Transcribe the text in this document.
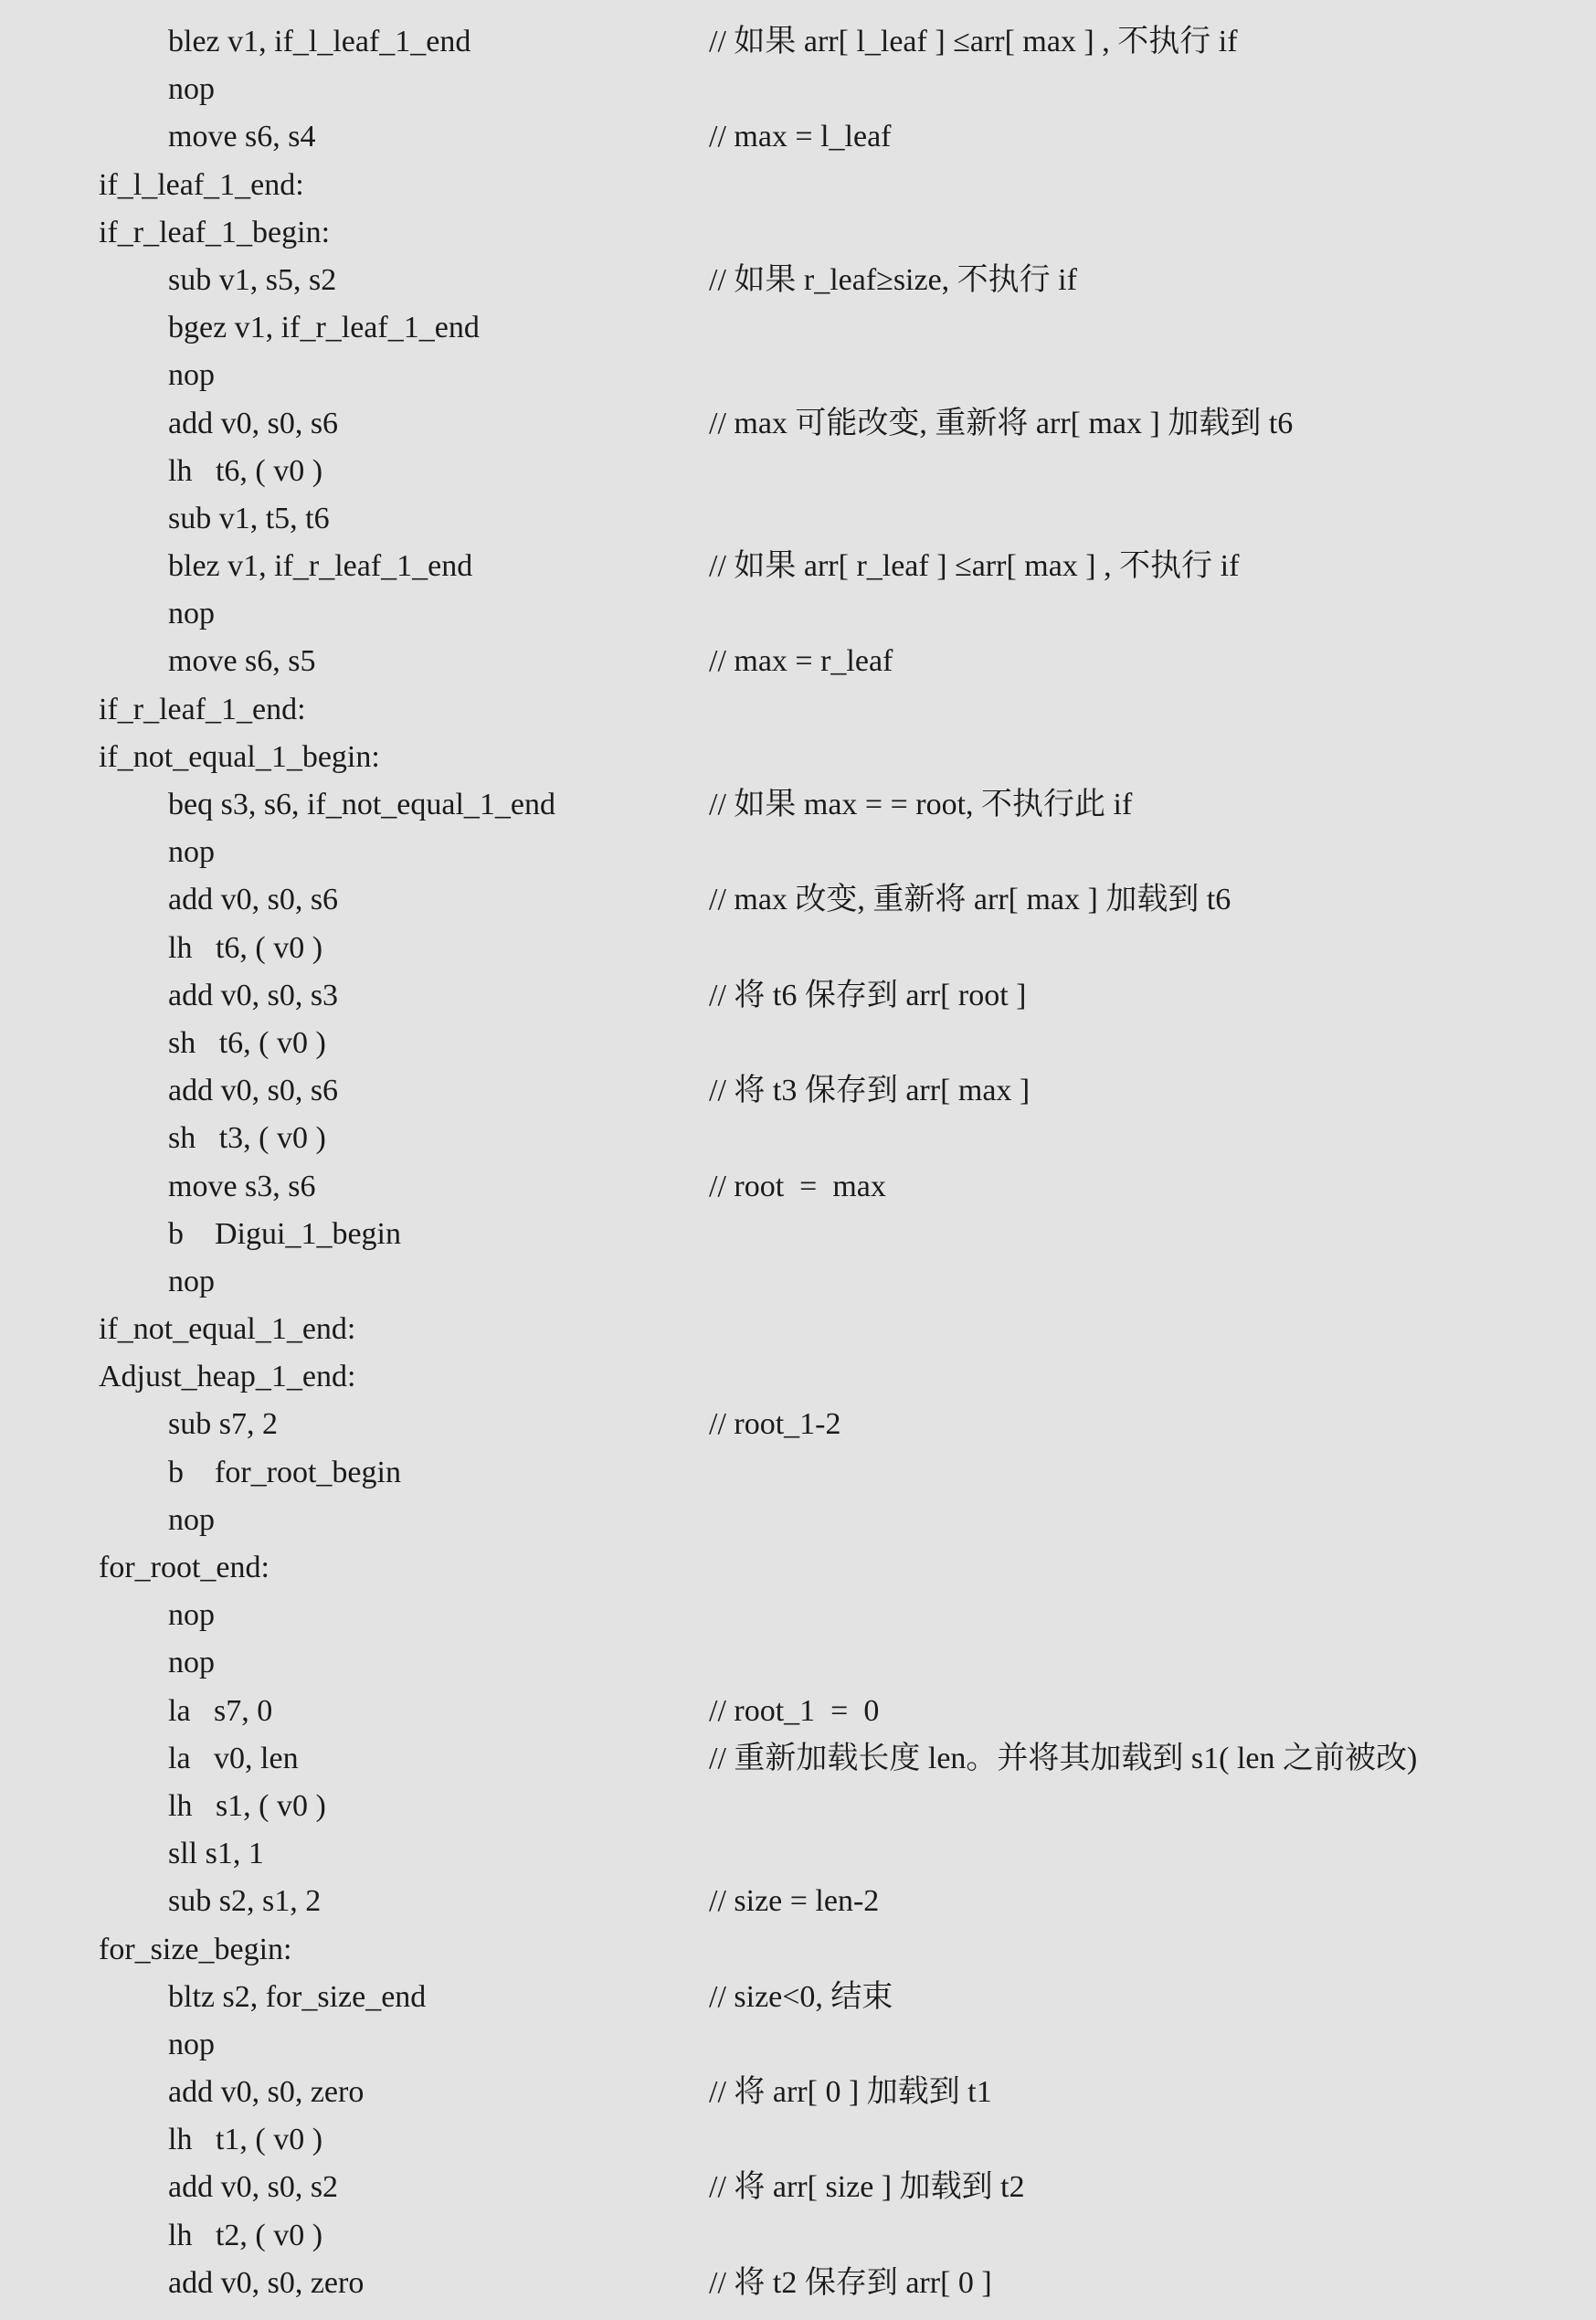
blez v1, if_l_leaf_1_end	// 如果 arr[ l_leaf ] ≤arr[ max ] , 不执行 if
nop
move s6, s4	// max = l_leaf
if_l_leaf_1_end:
if_r_leaf_1_begin:
sub v1, s5, s2	// 如果 r_leaf≥size, 不执行 if
bgez v1, if_r_leaf_1_end
nop
add v0, s0, s6	// max 可能改变, 重新将 arr[ max ] 加载到 t6
lh   t6, ( v0 )
sub v1, t5, t6
blez v1, if_r_leaf_1_end	// 如果 arr[ r_leaf ] ≤arr[ max ] , 不执行 if
nop
move s6, s5	// max = r_leaf
if_r_leaf_1_end:
if_not_equal_1_begin:
beq s3, s6, if_not_equal_1_end	// 如果 max = = root, 不执行此 if
nop
add v0, s0, s6	// max 改变, 重新将 arr[ max ] 加载到 t6
lh   t6, ( v0 )
add v0, s0, s3	// 将 t6 保存到 arr[ root ]
sh   t6, ( v0 )
add v0, s0, s6	// 将 t3 保存到 arr[ max ]
sh   t3, ( v0 )
move s3, s6	// root  =  max
b    Digui_1_begin
nop
if_not_equal_1_end:
Adjust_heap_1_end:
sub s7, 2	// root_1-2
b    for_root_begin
nop
for_root_end:
nop
nop
la   s7, 0	// root_1  =  0
la   v0, len	// 重新加载长度 len。并将其加载到 s1( len 之前被改)
lh   s1, ( v0 )
sll s1, 1
sub s2, s1, 2	// size = len-2
for_size_begin:
bltz s2, for_size_end	// size<0, 结束
nop
add v0, s0, zero	// 将 arr[ 0 ] 加载到 t1
lh   t1, ( v0 )
add v0, s0, s2	// 将 arr[ size ] 加载到 t2
lh   t2, ( v0 )
add v0, s0, zero	// 将 t2 保存到 arr[ 0 ]
